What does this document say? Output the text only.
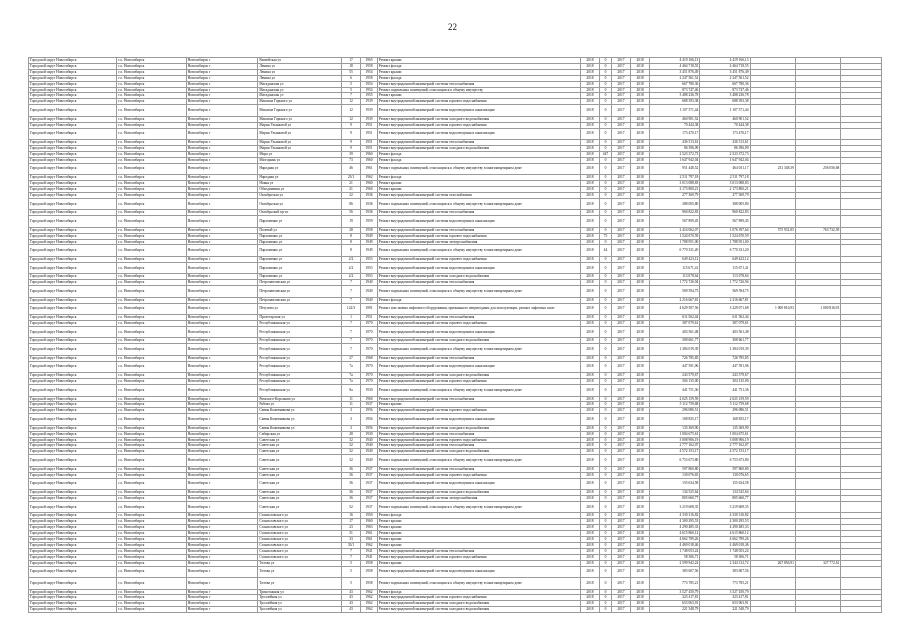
22
Городской округ Новосибирск	г.о. Новосибирск	Новосибирск г	Вилюйская ул	17	1965	Ремонт крыши	2018	0	2017	2018	4 419 166,13	4 419 166,13			
Городской округ Новосибирск	г.о. Новосибирск	Новосибирск г	Ленина ул	18	1958	Ремонт фасада	2018	0	2017	2018	4 464 718,55	4 464 718,55			
Городской округ Новосибирск	г.о. Новосибирск	Новосибирск г	Ленина ул	55	1954	Ремонт крыши	2018	0	2017	2018	3 451 876,49	3 451 876,49			
Городской округ Новосибирск	г.о. Новосибирск	Новосибирск г	Ленина ул	6	1958	Ремонт фасада	2018	0	2017	2018	2 247 561,52	2 247 561,52			
Городской округ Новосибирск	г.о. Новосибирск	Новосибирск г	Магаданская ул	5	1954	Ремонт внутридомовой инженерной системы теплоснабжения	2018	0	2017	2018	667 780,36	667 780,36			
Городской округ Новосибирск	г.о. Новосибирск	Новосибирск г	Магаданская ул	5	1954	Ремонт подвальных помещений, относящихся к общему имуществу	2018	0	2017	2018	873 747,46	873 747,46			
Городской округ Новосибирск	г.о. Новосибирск	Новосибирск г	Магаданская ул	7	1955	Ремонт крыши	2018	0	2017	2018	3 488 236,78	3 488 236,78			
Городской округ Новосибирск	г.о. Новосибирск	Новосибирск г	Максима Горького ул	12	1939	Ремонт внутридомовой инженерной системы горячего водоснабжения	2018	0	2017	2018	688 393,38	688 393,38			
Городской округ Новосибирск	г.о. Новосибирск	Новосибирск г	Максима Горького ул	12	1939	Ремонт внутридомовой инженерной системы водоотведения и канализации	2018	0	2017	2018	1 107 571,44	1 107 571,44			
Городской округ Новосибирск	г.о. Новосибирск	Новосибирск г	Максима Горького ул	12	1939	Ремонт внутридомовой инженерной системы холодного водоснабжения	2018	0	2017	2018	460 901,52	460 901,52			
Городской округ Новосибирск	г.о. Новосибирск	Новосибирск г	Мария Ульяновой ул	9	1951	Ремонт внутридомовой инженерной системы горячего водоснабжения	2018	0	2017	2018	70 444,38	70 444,38			
Городской округ Новосибирск	г.о. Новосибирск	Новосибирск г	Мария Ульяновой ул	9	1951	Ремонт внутридомовой инженерной системы водоотведения и канализации	2018	0	2017	2018	173 470,17	173 470,17			
Городской округ Новосибирск	г.о. Новосибирск	Новосибирск г	Мария Ульяновой ул	9	1951	Ремонт внутридомовой инженерной системы теплоснабжения	2018	0	2017	2018	436 513,61	436 513,61			
Городской округ Новосибирск	г.о. Новосибирск	Новосибирск г	Мария Ульяновой ул	9	1951	Ремонт внутридомовой инженерной системы холодного водоснабжения	2018	0	2017	2018	86 396,09	86 396,09			
Городской округ Новосибирск	г.о. Новосибирск	Новосибирск г	Мира ул	39	1960	Ремонт фасада	2018	447	2017	2018	2 523 372,73	2 523 372,73			
Городской округ Новосибирск	г.о. Новосибирск	Новосибирск г	Міпгорняк ул	73	1960	Ремонт фасада	2018	0	2017	2018	1 647 942,04	1 647 942,04			
Городской округ Новосибирск	г.о. Новосибирск	Новосибирск г	Народная ул	46	1961	Ремонт подвальных помещений, относящихся к общему имуществу в многоквартирном доме	2018	0	2017	2018	951 448,52	464 031,17	231 348,39	256 056,68	
Городской округ Новосибирск	г.о. Новосибирск	Новосибирск г	Народная ул	23/1	1962	Ремонт фасада	2018	0	2017	2018	2 511 797,18	2 511 797,18			
Городской округ Новосибирск	г.о. Новосибирск	Новосибирск г	Ніжня ул	21	1960	Ремонт крыши	2018	0	2017	2018	3 013 088,83	3 013 088,83			
Городской округ Новосибирск	г.о. Новосибирск	Новосибирск г	Объединения ул	21	1960	Ремонт крыши	2018	0	2017	2018	2 173 800,21	2 173 800,21			
Городской округ Новосибирск	г.о. Новосибирск	Новосибирск г	Октябрьская ул	22	1936	Ремонт внутридомовой инженерной системы газоснабжения	2018	0	2017	2018	277 369,79	277 369,79			
Городской округ Новосибирск	г.о. Новосибирск	Новосибирск г	Октябрьская ул	86	1936	Ремонт подвальных помещений, относящихся к общему имуществу в многоквартирном доме	2018	0	2017	2018	388 005,80	388 005,80			
Городской округ Новосибирск	г.о. Новосибирск	Новосибирск г	Октябрьский пр-кт	56	1936	Ремонт внутридомовой инженерной системы теплоснабжения	2018	0	2017	2018	960 822,83	960 822,83			
Городской округ Новосибирск	г.о. Новосибирск	Новосибирск г	Пархоменко ул	19	1959	Ремонт внутридомовой инженерной системы водоотведения и канализации	2018	0	2017	2018	567 899,45	567 899,45			
Городской округ Новосибирск	г.о. Новосибирск	Новосибирск г	Полевой ул	28	1958	Ремонт внутридомовой инженерной системы теплоснабжения	2018	0	2017	2018	2 416 062,07	1 076 397,64	575 931,85	763 732,59	
Городской округ Новосибирск	г.о. Новосибирск	Новосибирск г	Пархоменко ул	8	1949	Ремонт внутридомовой инженерной системы горячего водоснабжения	2018	75	2017	2018	1 524 670,59	1 524 670,59			
Городской округ Новосибирск	г.о. Новосибирск	Новосибирск г	Пархоменко ул	8	1949	Ремонт внутридомовой инженерной системы электроснабжения	2018	0	2017	2018	1 788 951,00	1 788 951,00			
Городской округ Новосибирск	г.о. Новосибирск	Новосибирск г	Пархоменко ул	8	1949	Ремонт подвальных помещений, относящихся к общему имуществу в многоквартирном доме	2018	44	2017	2018	6 770 331,20	6 770 331,20			
Городской округ Новосибирск	г.о. Новосибирск	Новосибирск г	Пархоменко ул	2/2	1953	Ремонт внутридомовой инженерной системы горячего водоснабжения	2018	0	2017	2018	649 423,12	649 423,12			
Городской округ Новосибирск	г.о. Новосибирск	Новосибирск г	Пархоменко ул	2/2	1953	Ремонт внутридомовой инженерной системы водоотведения и канализации	2018	0	2017	2018	115 671,41	115 671,41			
Городской округ Новосибирск	г.о. Новосибирск	Новосибирск г	Пархоменко ул	2/2	1953	Ремонт внутридомовой инженерной системы холодного водоснабжения	2018	0	2017	2018	113 078,64	113 078,64			
Городской округ Новосибирск	г.о. Новосибирск	Новосибирск г	Петропавловская ул	7	1940	Ремонт внутридомовой инженерной системы теплоснабжения	2018	0	2017	2018	1 772 726,94	1 772 726,94			
Городской округ Новосибирск	г.о. Новосибирск	Новосибирск г	Петропавловская ул	7	1940	Ремонт подвальных помещений, относящихся к общему имуществу в многоквартирном доме	2018	0	2017	2018	569 594,75	569 594,75			
Городской округ Новосибирск	г.о. Новосибирск	Новосибирск г	Петропавловская ул	7	1940	Ремонт фасада	2018	0	2017	2018	2 216 667,81	2 216 667,81			
Городской округ Новосибирск	г.о. Новосибирск	Новосибирск г	Петухова ул	122/3	1991	Ремонт или замена лифтового оборудования, признанного непригодным для эксплуатации, ремонт лифтовых шахт	2018	0	2017	2018	4 629 507,56	3 229 071,68	1 000 816,93	1 000 816,93	
Городской округ Новосибирск	г.о. Новосибирск	Новосибирск г	Пролетарская ул	1	1951	Ремонт внутридомовой инженерной системы теплоснабжения	2018	0	2017	2018	611 562,44	611 562,44			
Городской округ Новосибирск	г.о. Новосибирск	Новосибирск г	Республиканская ул	7	1970	Ремонт внутридомовой инженерной системы горячего водоснабжения	2018	0	2017	2018	387 079,61	387 079,61			
Городской округ Новосибирск	г.о. Новосибирск	Новосибирск г	Республиканская ул	7	1970	Ремонт внутридомовой инженерной системы водоотведения и канализации	2018	0	2017	2018	403 561,48	403 561,48			
Городской округ Новосибирск	г.о. Новосибирск	Новосибирск г	Республиканская ул	7	1970	Ремонт внутридомовой инженерной системы холодного водоснабжения	2018	0	2017	2018	308 661,77	308 661,77			
Городской округ Новосибирск	г.о. Новосибирск	Новосибирск г	Республиканская ул	7	1970	Ремонт подвальных помещений, относящихся к общему имуществу в многоквартирном доме	2018	0	2017	2018	1 384 019,39	1 384 019,39			
Городской округ Новосибирск	г.о. Новосибирск	Новосибирск г	Республиканская ул	27	1968	Ремонт внутридомовой инженерной системы теплоснабжения	2018	0	2017	2018	726 785,85	726 785,85			
Городской округ Новосибирск	г.о. Новосибирск	Новосибирск г	Республиканская ул	7а	1970	Ремонт внутридомовой инженерной системы водоотведения и канализации	2018	0	2017	2018	447 591,06	447 591,06			
Городской округ Новосибирск	г.о. Новосибирск	Новосибирск г	Республиканская ул	7а	1970	Ремонт внутридомовой инженерной системы холодного водоснабжения	2018	0	2017	2018	243 579,67	243 579,67			
Городской округ Новосибирск	г.о. Новосибирск	Новосибирск г	Республиканская ул	7а	1970	Ремонт внутридомовой инженерной системы горячего водоснабжения	2018	0	2017	2018	304 135,00	304 135,00			
Городской округ Новосибирск	г.о. Новосибирск	Новосибирск г	Республиканская ул	8а	1930	Ремонт подвальных помещений, относящихся к общему имуществу в многоквартирном доме	2018	0	2017	2018	441 751,36	441 751,36			
Городской округ Новосибирск	г.о. Новосибирск	Новосибирск г	Римского-Корсакова ул	11	1960	Ремонт внутридомовой инженерной системы теплоснабжения	2018	0	2017	2018	2 025 159,59	2 025 159,59			
Городской округ Новосибирск	г.о. Новосибирск	Новосибирск г	Рябова ул	11	1937	Ремонт крыши	2018	0	2017	2018	5 112 759,68	5 112 759,68			
Городской округ Новосибирск	г.о. Новосибирск	Новосибирск г	Саввы Кожевникова ул	3	1956	Ремонт внутридомовой инженерной системы горячего водоснабжения	2018	0	2017	2018	296 086,51	296 086,51			
Городской округ Новосибирск	г.о. Новосибирск	Новосибирск г	Саввы Кожевникова ул	3	1956	Ремонт внутридомовой инженерной системы водоотведения и канализации	2018	0	2017	2018	168 835,17	168 835,17			
Городской округ Новосибирск	г.о. Новосибирск	Новосибирск г	Саввы Кожевникова ул	3	1956	Ремонт внутридомовой инженерной системы холодного водоснабжения	2018	0	2017	2018	135 369,90	135 369,90			
Городской округ Новосибирск	г.о. Новосибирск	Новосибирск г	Сибирская ул	28	1930	Ремонт внутридомовой инженерной системы теплоснабжения	2018	0	2017	2018	1 004 675,61	1 004 675,61			
Городской округ Новосибирск	г.о. Новосибирск	Новосибирск г	Советская ул	32	1940	Ремонт внутридомовой инженерной системы горячего водоснабжения	2018	0	2017	2018	3 008 906,19	3 008 906,19			
Городской округ Новосибирск	г.о. Новосибирск	Новосибирск г	Советская ул	32	1940	Ремонт внутридомовой инженерной системы теплоснабжения	2018	0	2017	2018	2 777 162,07	2 777 162,07			
Городской округ Новосибирск	г.о. Новосибирск	Новосибирск г	Советская ул	32	1940	Ремонт внутридомовой инженерной системы холодного водоснабжения	2018	0	2017	2018	4 572 153,17	4 572 153,17			
Городской округ Новосибирск	г.о. Новосибирск	Новосибирск г	Советская ул	32	1940	Ремонт подвальных помещений, относящихся к общему имуществу в многоквартирном доме	2018	0	2017	2018	6 753 673,80	6 753 673,80			
Городской округ Новосибирск	г.о. Новосибирск	Новосибирск г	Советская ул	36	1937	Ремонт внутридомовой инженерной системы теплоснабжения	2018	0	2017	2018	597 860,80	597 860,80			
Городской округ Новосибирск	г.о. Новосибирск	Новосибирск г	Советская ул	36	1937	Ремонт внутридомовой инженерной системы горячего водоснабжения	2018	0	2017	2018	130 076,65	130 076,65			
Городской округ Новосибирск	г.о. Новосибирск	Новосибирск г	Советская ул	36	1937	Ремонт внутридомовой инженерной системы водоотведения и канализации	2018	0	2017	2018	155 634,58	155 634,58			
Городской округ Новосибирск	г.о. Новосибирск	Новосибирск г	Советская ул	36	1937	Ремонт внутридомовой инженерной системы холодного водоснабжения	2018	0	2017	2018	134 525,64	134 525,64			
Городской округ Новосибирск	г.о. Новосибирск	Новосибирск г	Советская ул	36	1937	Ремонт внутридомовой инженерной системы электроснабжения	2018	0	2017	2018	805 660,77	805 660,77			
Городской округ Новосибирск	г.о. Новосибирск	Новосибирск г	Советская ул	52	1937	Ремонт подвальных помещений, относящихся к общему имуществу в многоквартирном доме	2018	0	2017	2018	3 219 608,35	3 219 608,35			
Городской округ Новосибирск	г.о. Новосибирск	Новосибирск г	Станиславского ул	16	1950	Ремонт фасада	2018	0	2017	2018	4 330 316,82	4 330 316,82			
Городской округ Новосибирск	г.о. Новосибирск	Новосибирск г	Станиславского ул	17	1960	Ремонт крыши	2018	0	2017	2018	4 300 295,53	4 300 295,53			
Городской округ Новосибирск	г.о. Новосибирск	Новосибирск г	Станиславского ул	23	1963	Ремонт крыши	2018	0	2017	2018	4 290 485,33	4 290 485,33			
Городской округ Новосибирск	г.о. Новосибирск	Новосибирск г	Станиславского ул	31	1961	Ремонт крыши	2018	0	2017	2018	4 615 860,12	4 615 860,12			
Городской округ Новосибирск	г.о. Новосибирск	Новосибирск г	Станиславского ул	33	1961	Ремонт крыши	2018	0	2017	2018	4 662 789,26	4 662 789,26			
Городской округ Новосибирск	г.о. Новосибирск	Новосибирск г	Станиславского ул	33/1	1962	Ремонт крыши	2018	0	2017	2018	4 469 018,46	4 469 018,46			
Городской округ Новосибирск	г.о. Новосибирск	Новосибирск г	Станиславского ул	7	1941	Ремонт внутридомовой инженерной системы теплоснабжения	2018	0	2017	2018	1 748 053,24	1 748 053,24			
Городской округ Новосибирск	г.о. Новосибирск	Новосибирск г	Станиславского ул	7	1941	Ремонт внутридомовой инженерной системы горячего водоснабжения	2018	0	2017	2018	58 306,71	58 306,71			
Городской округ Новосибирск	г.о. Новосибирск	Новосибирск г	Титова ул	5	1958	Ремонт крыши	2018	0	2017	2018	2 599 942,24	2 344 312,72	267 856,91	327 772,61	
Городской округ Новосибирск	г.о. Новосибирск	Новосибирск г	Титова ул	5	1958	Ремонт внутридомовой инженерной системы водоотведения и канализации	2018	0	2017	2018	383 607,56	383 607,56			
Городской округ Новосибирск	г.о. Новосибирск	Новосибирск г	Титова ул	5	1958	Ремонт подвальных помещений, относящихся к общему имуществу в многоквартирном доме	2018	0	2017	2018	773 785,21	773 785,21			
Городской округ Новосибирск	г.о. Новосибирск	Новосибирск г	Трикотажная ул	43	1962	Ремонт фасада	2018	0	2017	2018	3 527 450,79	3 527 450,79			
Городской округ Новосибирск	г.о. Новосибирск	Новосибирск г	Троллейная ул	43	1962	Ремонт внутридомовой инженерной системы горячего водоснабжения	2018	0	2017	2018	323 417,81	323 417,81			
Городской округ Новосибирск	г.о. Новосибирск	Новосибирск г	Троллейная ул	43	1962	Ремонт внутридомовой инженерной системы холодного водоснабжения	2018	0	2017	2018	653 063,91	653 063,91			
Городской округ Новосибирск	г.о. Новосибирск	Новосибирск г	Троллейная ул	43	1962	Ремонт внутридомовой инженерной системы холодного водоснабжения	2018	0	2017	2018	221 548,79	221 548,79			
